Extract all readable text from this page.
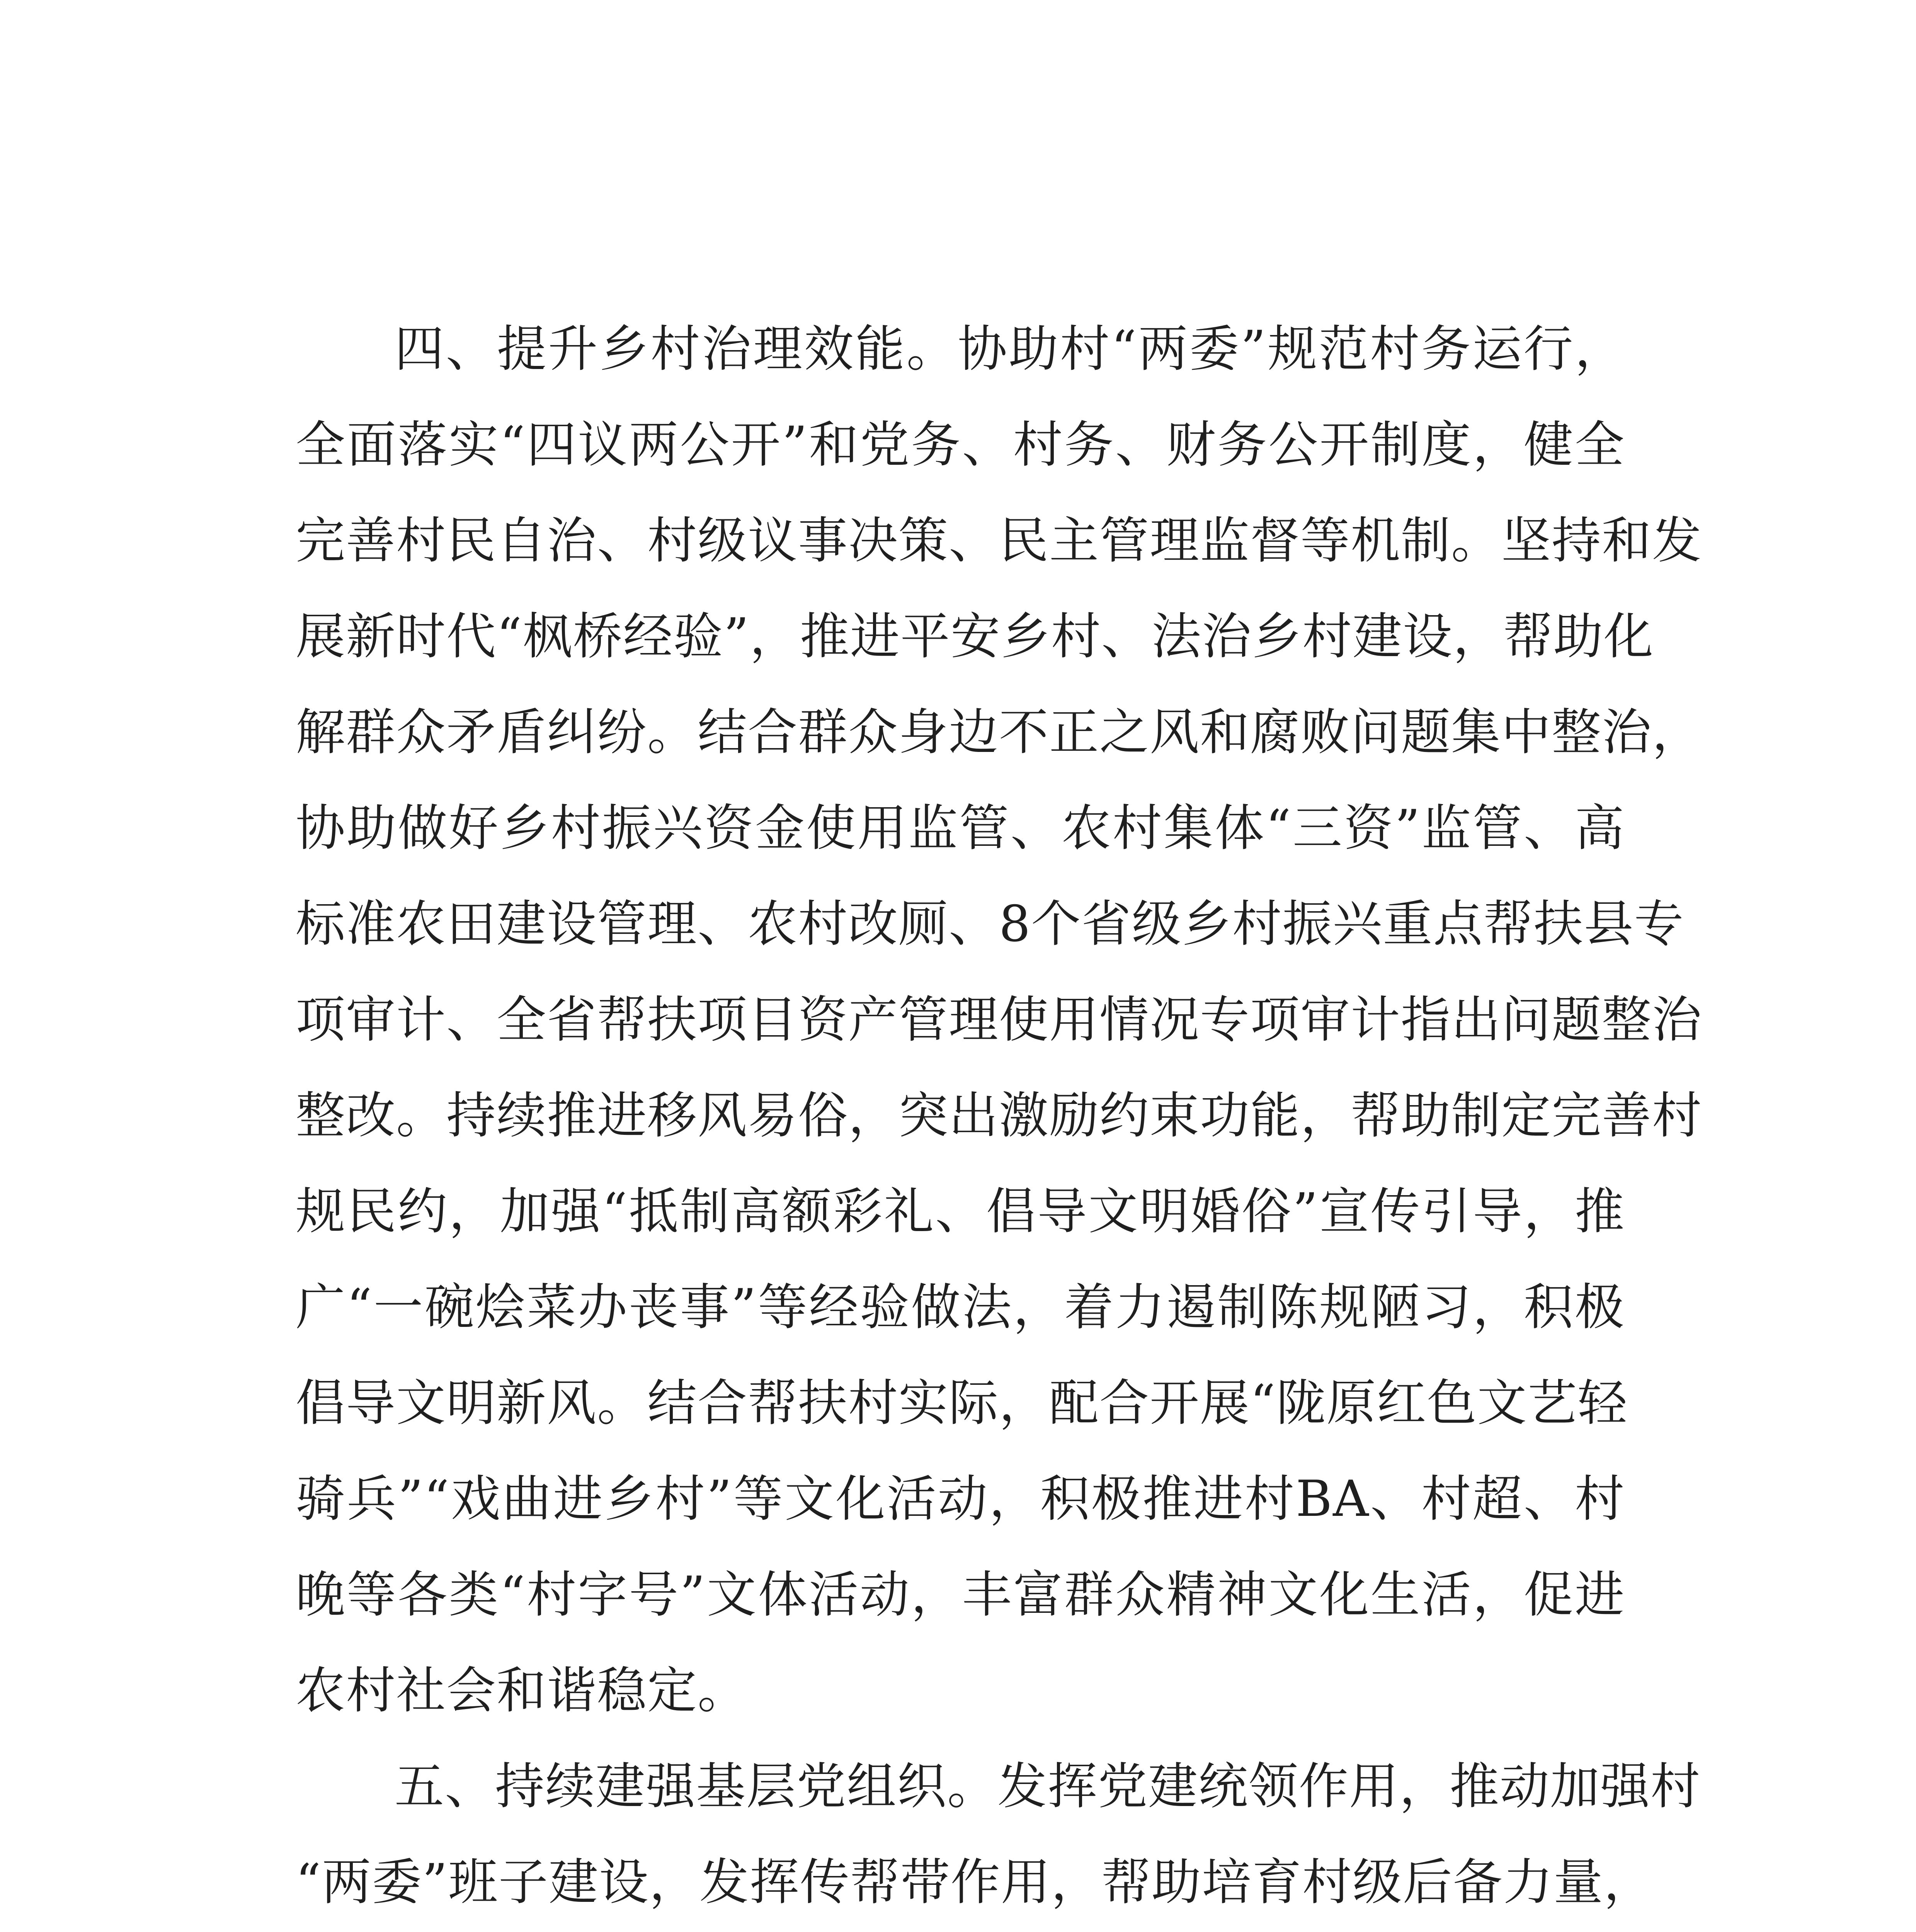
四、提升乡村治理效能。协助村“两委”规范村务运行，
全面落实“四议两公开”和党务、村务、财务公开制度，健全
完善村民自治、村级议事决策、民主管理监督等机制。坚持和发
展新时代“枫桥经验”，推进平安乡村、法治乡村建设，帮助化
解群众矛盾纠纷。结合群众身边不正之风和腐败问题集中整治，
协助做好乡村振兴资金使用监管、农村集体“三资”监管、高
标准农田建设管理、农村改厕、8个省级乡村振兴重点帮扶县专
项审计、全省帮扶项目资产管理使用情况专项审计指出问题整治
整改。持续推进移风易俗，突出激励约束功能，帮助制定完善村
规民约，加强“抵制高额彩礼、倡导文明婚俗”宣传引导，推
广“一碗烩菜办丧事”等经验做法，着力遏制陈规陋习，积极
倡导文明新风。结合帮扶村实际，配合开展“陇原红色文艺轻
骑兵”“戏曲进乡村”等文化活动，积极推进村BA、村超、村
晚等各类“村字号”文体活动，丰富群众精神文化生活，促进
农村社会和谐稳定。
五、持续建强基层党组织。发挥党建统领作用，推动加强村
“两委”班子建设，发挥传帮带作用，帮助培育村级后备力量，
